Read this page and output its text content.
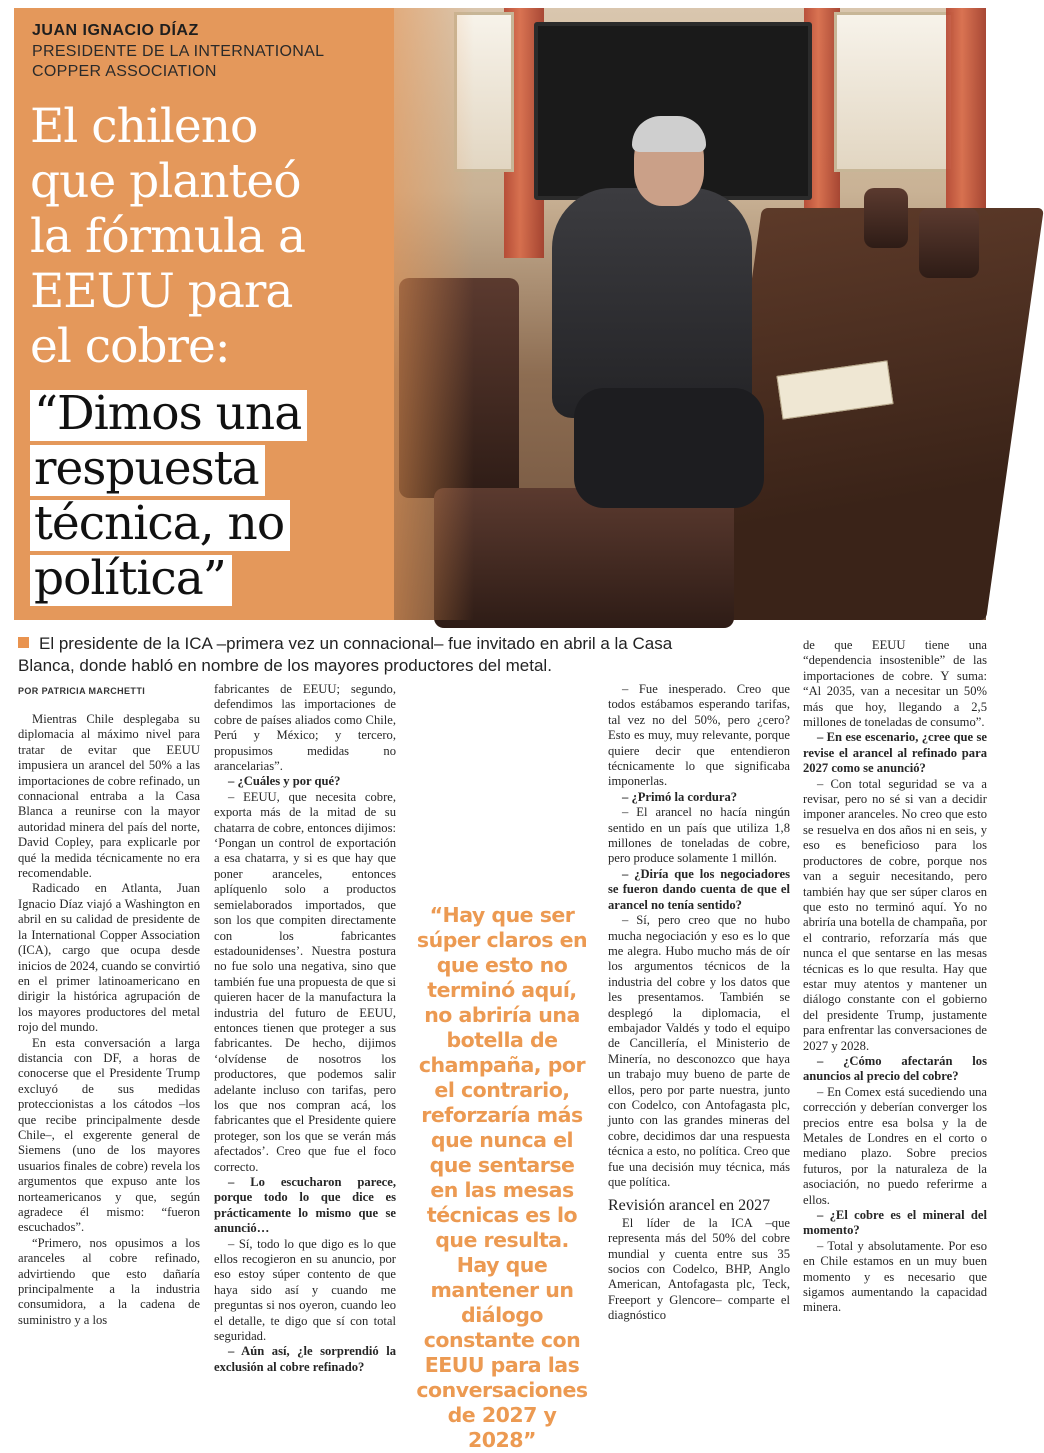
JUAN IGNACIO DÍAZ
PRESIDENTE DE LA INTERNATIONAL
COPPER ASSOCIATION
El chileno
que planteó
la fórmula a
EEUU para
el cobre:
“Dimos una
respuesta
técnica, no
política”
El presidente de la ICA –primera vez un connacional– fue invitado en abril a la Casa Blanca, donde habló en nombre de los mayores productores del metal.
POR PATRICIA MARCHETTI

Mientras Chile desplegaba su diplomacia al máximo nivel para tratar de evitar que EEUU impusiera un arancel del 50% a las importaciones de cobre refinado, un connacional entraba a la Casa Blanca a reunirse con la mayor autoridad minera del país del norte, David Copley, para explicarle por qué la medida técnicamente no era recomendable.

Radicado en Atlanta, Juan Ignacio Díaz viajó a Washington en abril en su calidad de presidente de la International Copper Association (ICA), cargo que ocupa desde inicios de 2024, cuando se convirtió en el primer latinoamericano en dirigir la histórica agrupación de los mayores productores del metal rojo del mundo.

En esta conversación a larga distancia con DF, a horas de conocerse que el Presidente Trump excluyó de sus medidas proteccionistas a los cátodos –los que recibe principalmente desde Chile–, el exgerente general de Siemens (uno de los mayores usuarios finales de cobre) revela los argumentos que expuso ante los norteamericanos y que, según agradece él mismo: “fueron escuchados”.

“Primero, nos opusimos a los aranceles al cobre refinado, advirtiendo que esto dañaría principalmente a la industria consumidora, a la cadena de suministro y a los

fabricantes de EEUU; segundo, defendimos las importaciones de cobre de países aliados como Chile, Perú y México; y tercero, propusimos medidas no arancelarias”.

– ¿Cuáles y por qué?

– EEUU, que necesita cobre, exporta más de la mitad de su chatarra de cobre, entonces dijimos: ‘Pongan un control de exportación a esa chatarra, y si es que hay que poner aranceles, entonces aplíquenlo solo a productos semielaborados importados, que son los que compiten directamente con los fabricantes estadounidenses’. Nuestra postura no fue solo una negativa, sino que también fue una propuesta de que si quieren hacer de la manufactura la industria del futuro de EEUU, entonces tienen que proteger a sus fabricantes. De hecho, dijimos ‘olvídense de nosotros los productores, que podemos salir adelante incluso con tarifas, pero los que nos compran acá, los fabricantes que el Presidente quiere proteger, son los que se verán más afectados’. Creo que fue el foco correcto.

– Lo escucharon parece, porque todo lo que dice es prácticamente lo mismo que se anunció…

– Sí, todo lo que digo es lo que ellos recogieron en su anuncio, por eso estoy súper contento de que haya sido así y cuando me preguntas si nos oyeron, cuando leo el detalle, te digo que sí con total seguridad.

– Aún así, ¿le sorprendió la exclusión al cobre refinado?

“Hay que ser súper claros en que esto no terminó aquí, no abriría una botella de champaña, por el contrario, reforzaría más que nunca el que sentarse en las mesas técnicas es lo que resulta. Hay que mantener un diálogo constante con EEUU para las conversaciones de 2027 y 2028”

– Fue inesperado. Creo que todos estábamos esperando tarifas, tal vez no del 50%, pero ¿cero? Esto es muy, muy relevante, porque quiere decir que entendieron técnicamente lo que significaba imponerlas.

– ¿Primó la cordura?

– El arancel no hacía ningún sentido en un país que utiliza 1,8 millones de toneladas de cobre, pero produce solamente 1 millón.

– ¿Diría que los negociadores se fueron dando cuenta de que el arancel no tenía sentido?

– Sí, pero creo que no hubo mucha negociación y eso es lo que me alegra. Hubo mucho más de oír los argumentos técnicos de la industria del cobre y los datos que les presentamos. También se desplegó la diplomacia, el embajador Valdés y todo el equipo de Cancillería, el Ministerio de Minería, no desconozco que haya un trabajo muy bueno de parte de ellos, pero por parte nuestra, junto con Codelco, con Antofagasta plc, junto con las grandes mineras del cobre, decidimos dar una respuesta técnica a esto, no política. Creo que fue una decisión muy técnica, más que política.

Revisión arancel en 2027

El líder de la ICA –que representa más del 50% del cobre mundial y cuenta entre sus 35 socios con Codelco, BHP, Anglo American, Antofagasta plc, Teck, Freeport y Glencore– comparte el diagnóstico

de que EEUU tiene una “dependencia insostenible” de las importaciones de cobre. Y suma: “Al 2035, van a necesitar un 50% más que hoy, llegando a 2,5 millones de toneladas de consumo”.

– En ese escenario, ¿cree que se revise el arancel al refinado para 2027 como se anunció?

– Con total seguridad se va a revisar, pero no sé si van a decidir imponer aranceles. No creo que esto se resuelva en dos años ni en seis, y eso es beneficioso para los productores de cobre, porque nos van a seguir necesitando, pero también hay que ser súper claros en que esto no terminó aquí. Yo no abriría una botella de champaña, por el contrario, reforzaría más que nunca el que sentarse en las mesas técnicas es lo que resulta. Hay que estar muy atentos y mantener un diálogo constante con el gobierno del presidente Trump, justamente para enfrentar las conversaciones de 2027 y 2028.

– ¿Cómo afectarán los anuncios al precio del cobre?

– En Comex está sucediendo una corrección y deberían converger los precios entre esa bolsa y la de Metales de Londres en el corto o mediano plazo. Sobre precios futuros, por la naturaleza de la asociación, no puedo referirme a ellos.

– ¿El cobre es el mineral del momento?

– Total y absolutamente. Por eso en Chile estamos en un muy buen momento y es necesario que sigamos aumentando la capacidad minera.
